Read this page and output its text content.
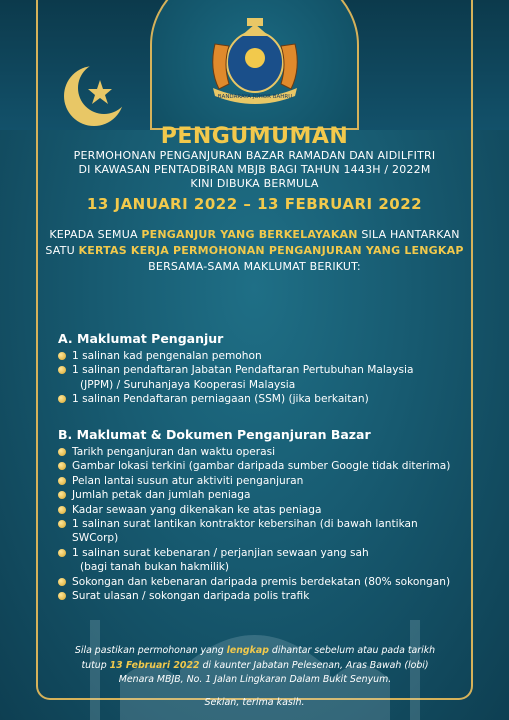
BANDARAYA JOHOR BAHRU
PENGUMUMAN
PERMOHONAN PENGANJURAN BAZAR RAMADAN DAN AIDILFITRI
DI KAWASAN PENTADBIRAN MBJB BAGI TAHUN 1443H / 2022M
KINI DIBUKA BERMULA
13 JANUARI 2022 – 13 FEBRUARI 2022
KEPADA SEMUA PENGANJUR YANG BERKELAYAKAN SILA HANTARKAN
SATU KERTAS KERJA PERMOHONAN PENGANJURAN YANG LENGKAP
BERSAMA-SAMA MAKLUMAT BERIKUT:
A. Maklumat Penganjur
1 salinan kad pengenalan pemohon
1 salinan pendaftaran Jabatan Pendaftaran Pertubuhan Malaysia
(JPPM) / Suruhanjaya Kooperasi Malaysia
1 salinan Pendaftaran perniagaan (SSM) (jika berkaitan)
B. Maklumat & Dokumen Penganjuran Bazar
Tarikh penganjuran dan waktu operasi
Gambar lokasi terkini (gambar daripada sumber Google tidak diterima)
Pelan lantai susun atur aktiviti penganjuran
Jumlah petak dan jumlah peniaga
Kadar sewaan yang dikenakan ke atas peniaga
1 salinan surat lantikan kontraktor kebersihan (di bawah lantikan SWCorp)
1 salinan surat kebenaran / perjanjian sewaan yang sah
(bagi tanah bukan hakmilik)
Sokongan dan kebenaran daripada premis berdekatan (80% sokongan)
Surat ulasan / sokongan daripada polis trafik
Sila pastikan permohonan yang lengkap dihantar sebelum atau pada tarikh
tutup 13 Februari 2022 di kaunter Jabatan Pelesenan, Aras Bawah (lobi)
Menara MBJB, No. 1 Jalan Lingkaran Dalam Bukit Senyum.
Sekian, terima kasih.
